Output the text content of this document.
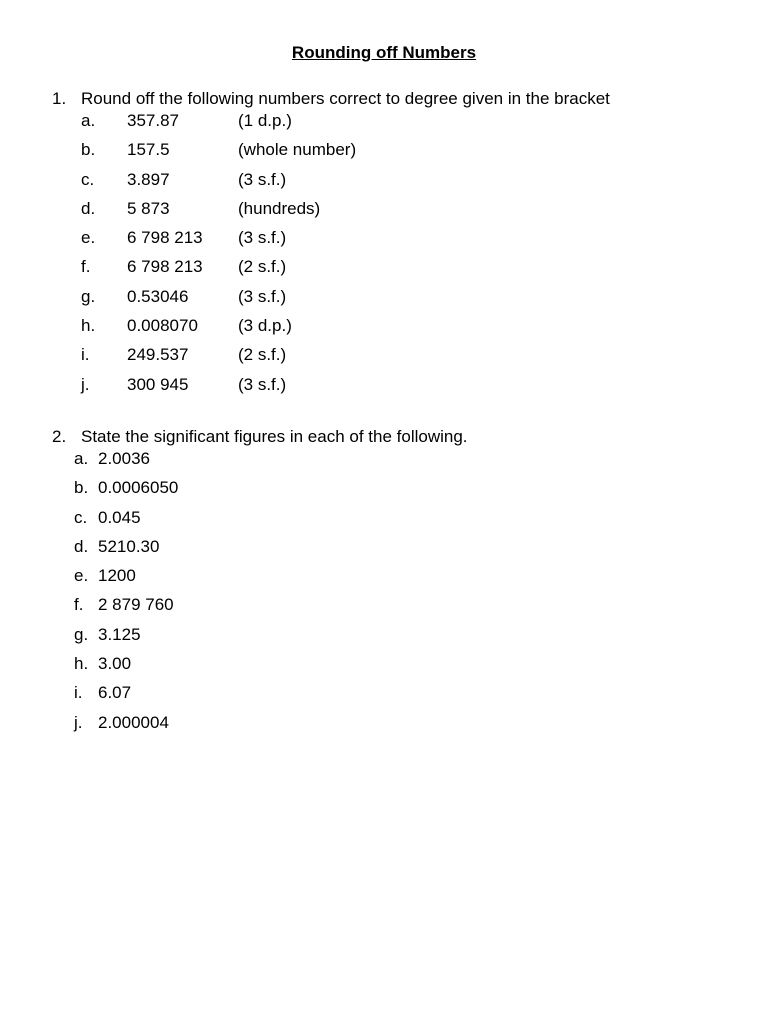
Rounding off Numbers
1. Round off the following numbers correct to degree given in the bracket
a. 357.87	(1 d.p.)
b. 157.5	(whole number)
c. 3.897	(3 s.f.)
d. 5 873	(hundreds)
e. 6 798 213 (3 s.f.)
f. 6 798 213 (2 s.f.)
g. 0.53046	(3 s.f.)
h. 0.008070 (3 d.p.)
i. 249.537	(2 s.f.)
j. 300 945	(3 s.f.)
2. State the significant figures in each of the following.
a. 2.0036
b. 0.0006050
c. 0.045
d. 5210.30
e. 1200
f. 2 879 760
g. 3.125
h. 3.00
i. 6.07
j. 2.000004
